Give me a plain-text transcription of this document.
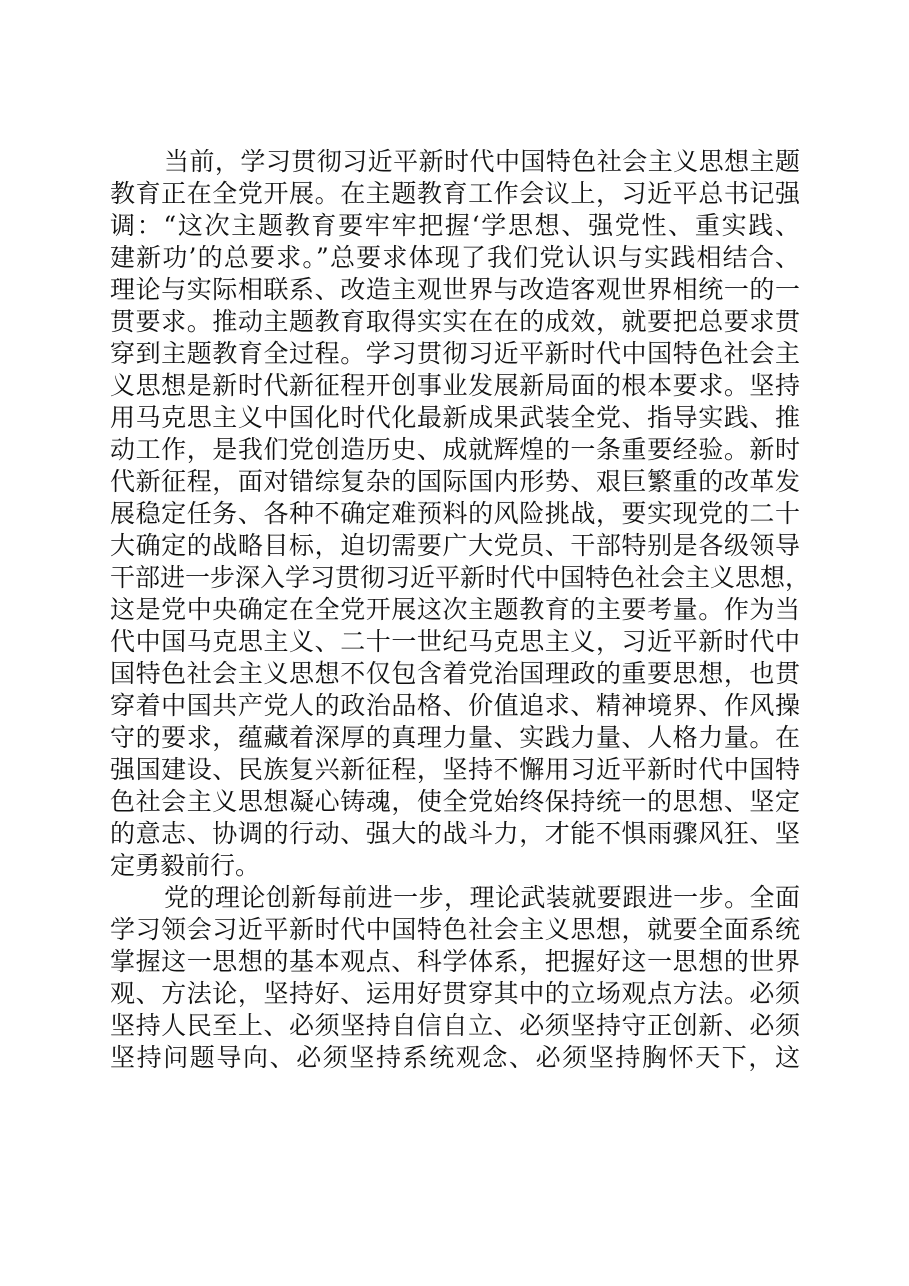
当前，学习贯彻习近平新时代中国特色社会主义思想主题
教育正在全党开展。在主题教育工作会议上，习近平总书记强
调：“这次主题教育要牢牢把握‘学思想、强党性、重实践、
建新功’的总要求。”总要求体现了我们党认识与实践相结合、
理论与实际相联系、改造主观世界与改造客观世界相统一的一
贯要求。推动主题教育取得实实在在的成效，就要把总要求贯
穿到主题教育全过程。学习贯彻习近平新时代中国特色社会主
义思想是新时代新征程开创事业发展新局面的根本要求。坚持
用马克思主义中国化时代化最新成果武装全党、指导实践、推
动工作，是我们党创造历史、成就辉煌的一条重要经验。新时
代新征程，面对错综复杂的国际国内形势、艰巨繁重的改革发
展稳定任务、各种不确定难预料的风险挑战，要实现党的二十
大确定的战略目标，迫切需要广大党员、干部特别是各级领导
干部进一步深入学习贯彻习近平新时代中国特色社会主义思想，
这是党中央确定在全党开展这次主题教育的主要考量。作为当
代中国马克思主义、二十一世纪马克思主义，习近平新时代中
国特色社会主义思想不仅包含着党治国理政的重要思想，也贯
穿着中国共产党人的政治品格、价值追求、精神境界、作风操
守的要求，蕴藏着深厚的真理力量、实践力量、人格力量。在
强国建设、民族复兴新征程，坚持不懈用习近平新时代中国特
色社会主义思想凝心铸魂，使全党始终保持统一的思想、坚定
的意志、协调的行动、强大的战斗力，才能不惧雨骤风狂、坚
定勇毅前行。
党的理论创新每前进一步，理论武装就要跟进一步。全面
学习领会习近平新时代中国特色社会主义思想，就要全面系统
掌握这一思想的基本观点、科学体系，把握好这一思想的世界
观、方法论，坚持好、运用好贯穿其中的立场观点方法。必须
坚持人民至上、必须坚持自信自立、必须坚持守正创新、必须
坚持问题导向、必须坚持系统观念、必须坚持胸怀天下，这
